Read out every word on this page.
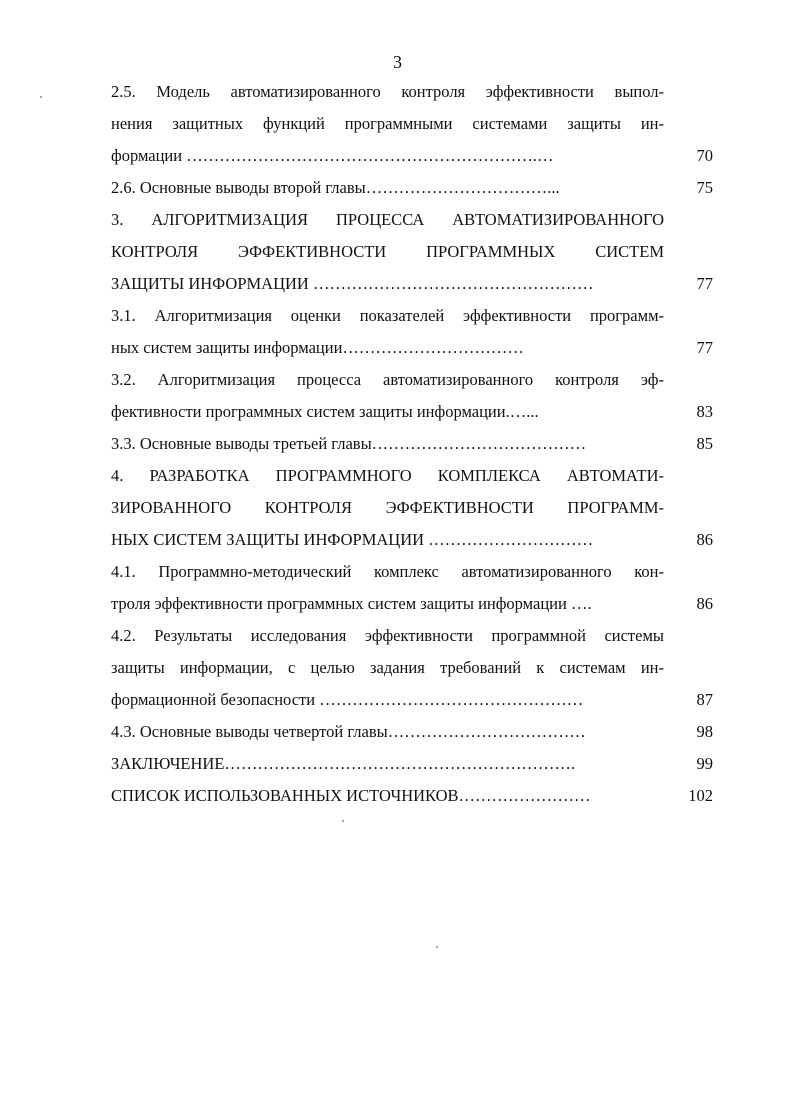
3
2.5. Модель автоматизированного контроля эффективности выпол-
нения защитных функций программными системами защиты ин-
формации ……………………………………………………….…	70
2.6. Основные выводы второй главы……………………………...	75
3. АЛГОРИТМИЗАЦИЯ ПРОЦЕССА АВТОМАТИЗИРОВАННОГО
КОНТРОЛЯ ЭФФЕКТИВНОСТИ ПРОГРАММНЫХ СИСТЕМ
ЗАЩИТЫ ИНФОРМАЦИИ ……………………………………………	77
3.1. Алгоритмизация оценки показателей эффективности программ-
ных систем защиты информации……………………………	77
3.2. Алгоритмизация процесса автоматизированного контроля эф-
фективности программных систем защиты информации.…...	83
3.3. Основные выводы третьей главы…………………………………	85
4. РАЗРАБОТКА ПРОГРАММНОГО КОМПЛЕКСА АВТОМАТИ-
ЗИРОВАННОГО КОНТРОЛЯ ЭФФЕКТИВНОСТИ ПРОГРАММ-
НЫХ СИСТЕМ ЗАЩИТЫ ИНФОРМАЦИИ …………………………	86
4.1. Программно-методический комплекс автоматизированного кон-
троля эффективности программных систем защиты информации ….	86
4.2. Результаты исследования эффективности программной системы
защиты информации, с целью задания требований к системам ин-
формационной безопасности …………………………………………	87
4.3. Основные выводы четвертой главы………………………………	98
ЗАКЛЮЧЕНИЕ……………………………………………………….	99
СПИСОК ИСПОЛЬЗОВАННЫХ ИСТОЧНИКОВ……………………	102
